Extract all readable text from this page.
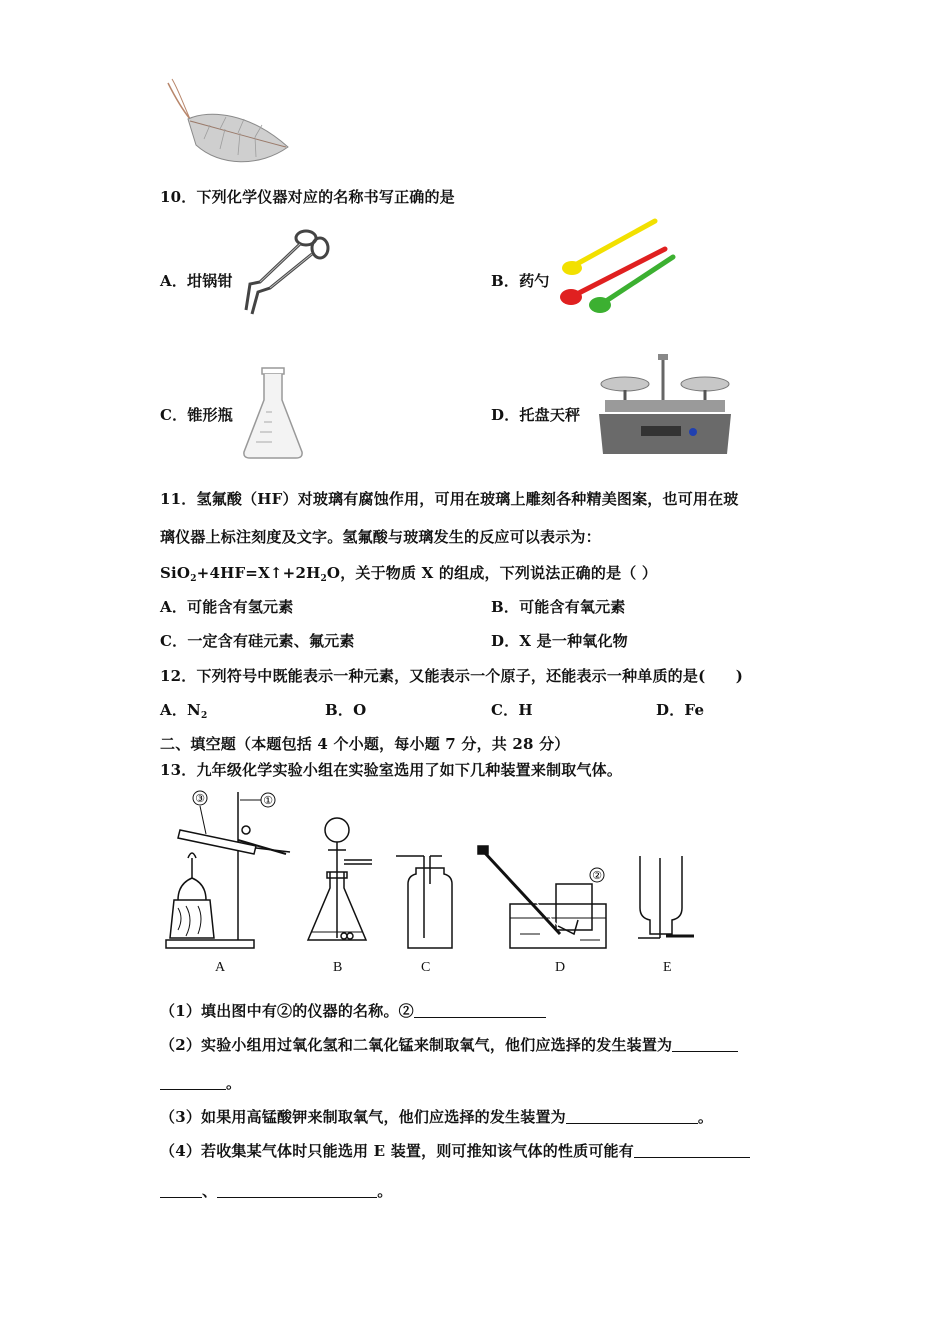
10．下列化学仪器对应的名称书写正确的是
A．坩锅钳	B．药勺
C．锥形瓶	D．托盘天秤
11．氢氟酸（HF）对玻璃有腐蚀作用，可用在玻璃上雕刻各种精美图案，也可用在玻
璃仪器上标注刻度及文字。氢氟酸与玻璃发生的反应可以表示为：
$SiO_2+4HF=X↑+2H_2O$，关于物质 X 的组成，下列说法正确的是（ ）
A．可能含有氢元素	B．可能含有氧元素
C．一定含有硅元素、氟元素	D．X 是一种氧化物
12．下列符号中既能表示一种元素，又能表示一个原子，还能表示一种单质的是(　　)
A．$N_2$	B．O	C．H	D．Fe
二、填空题（本题包括 4 个小题，每小题 7 分，共 28 分）
13．九年级化学实验小组在实验室选用了如下几种装置来制取气体。
③	①
②
A	B	C	D	E
（1）填出图中有②的仪器的名称。②
（2）实验小组用过氧化氢和二氧化锰来制取氧气，他们应选择的发生装置为
。
（3）如果用高锰酸钾来制取氧气，他们应选择的发生装置为	。
（4）若收集某气体时只能选用 E 装置，则可推知该气体的性质可能有
、	。
